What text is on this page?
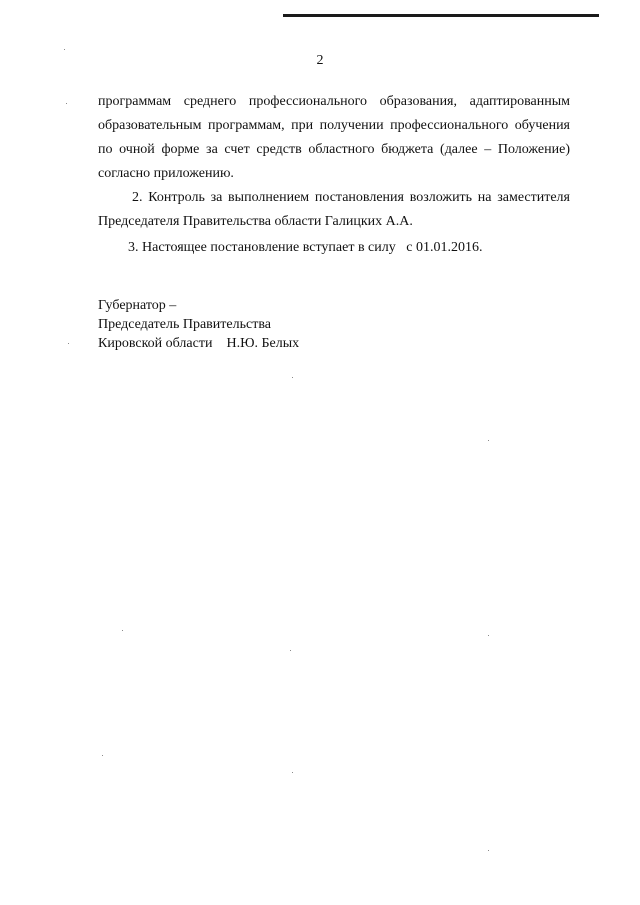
2
программам среднего профессионального образования, адаптированным
образовательным программам, при получении профессионального обучения
по очной форме за счет средств областного бюджета (далее – Положение)
согласно приложению.
2. Контроль за выполнением постановления возложить на заместителя
Председателя Правительства области Галицких А.А.
3. Настоящее постановление вступает в силу   с 01.01.2016.
Губернатор –
Председатель Правительства
Кировской области    Н.Ю. Белых
